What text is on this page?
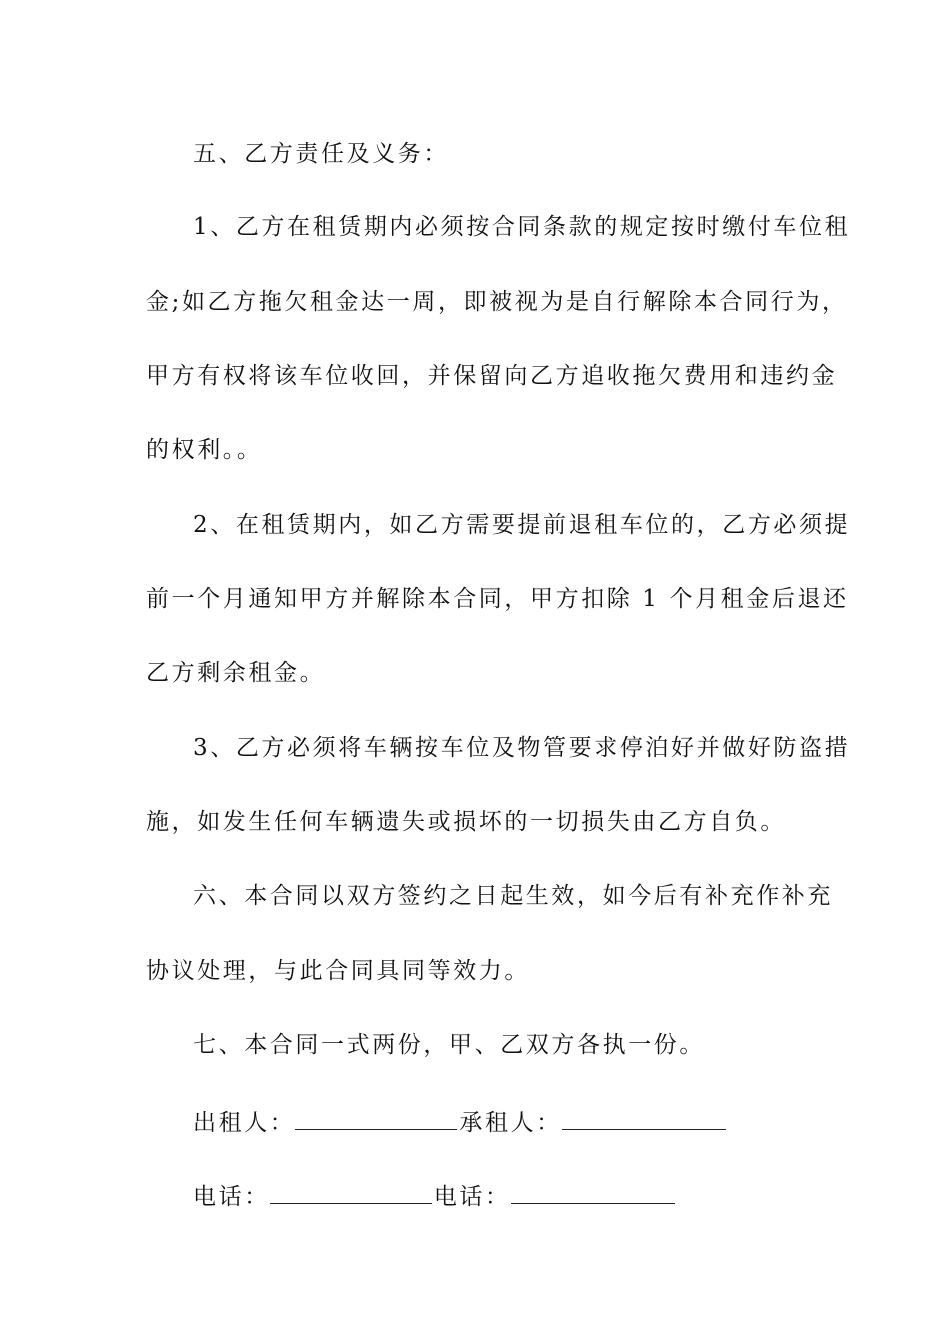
五、乙方责任及义务：
1、乙方在租赁期内必须按合同条款的规定按时缴付车位租
金;如乙方拖欠租金达一周，即被视为是自行解除本合同行为，
甲方有权将该车位收回，并保留向乙方追收拖欠费用和违约金
的权利。。
2、在租赁期内，如乙方需要提前退租车位的，乙方必须提
前一个月通知甲方并解除本合同，甲方扣除 1 个月租金后退还
乙方剩余租金。
3、乙方必须将车辆按车位及物管要求停泊好并做好防盗措
施，如发生任何车辆遗失或损坏的一切损失由乙方自负。
六、本合同以双方签约之日起生效，如今后有补充作补充
协议处理，与此合同具同等效力。
七、本合同一式两份，甲、乙双方各执一份。
出租人：	承租人：
电话：	电话：
